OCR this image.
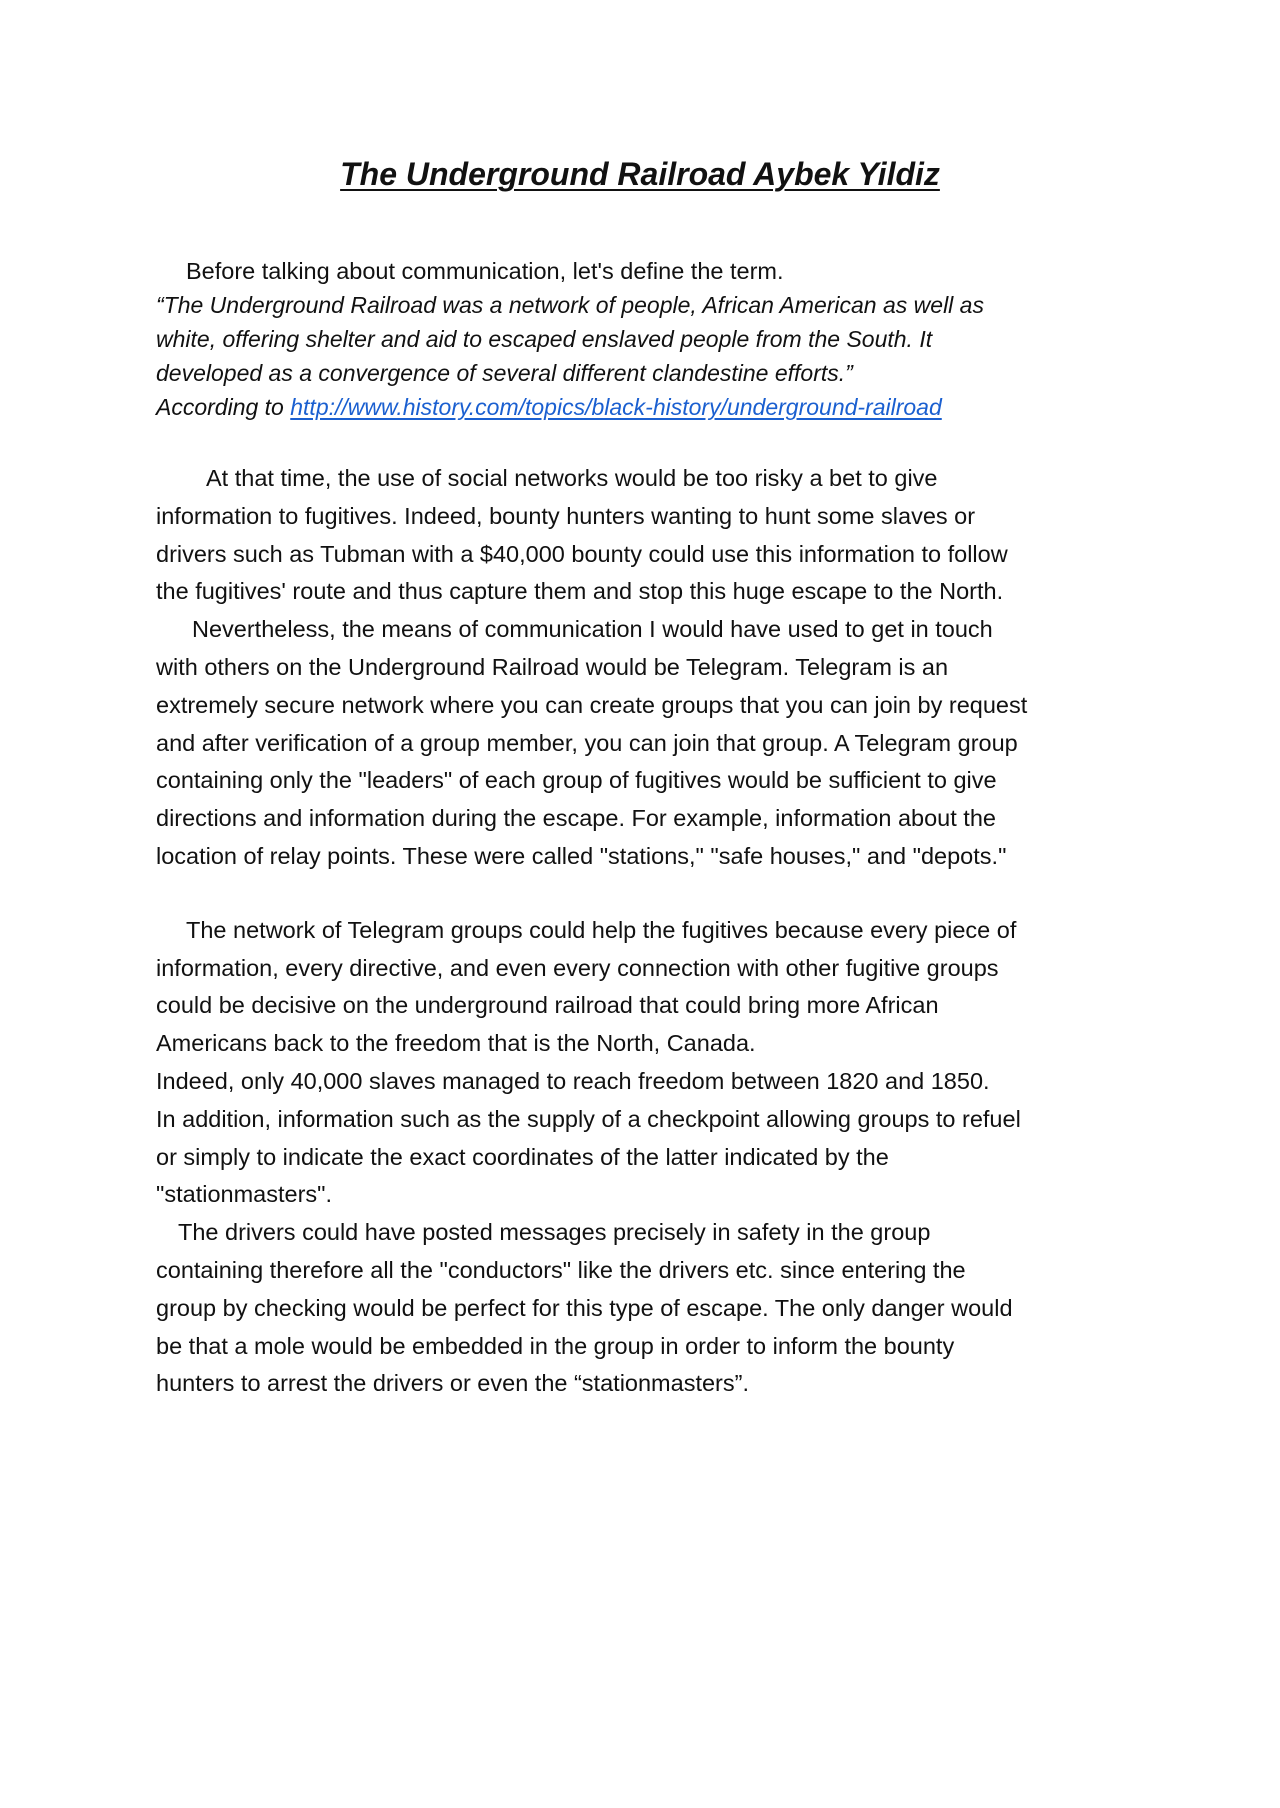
The Underground Railroad Aybek Yildiz
Before talking about communication, let's define the term.
“The Underground Railroad was a network of people, African American as well as
white, offering shelter and aid to escaped enslaved people from the South. It
developed as a convergence of several different clandestine efforts.”
According to http://www.history.com/topics/black-history/underground-railroad
At that time, the use of social networks would be too risky a bet to give
information to fugitives. Indeed, bounty hunters wanting to hunt some slaves or
drivers such as Tubman with a $40,000 bounty could use this information to follow
the fugitives' route and thus capture them and stop this huge escape to the North.
Nevertheless, the means of communication I would have used to get in touch
with others on the Underground Railroad would be Telegram. Telegram is an
extremely secure network where you can create groups that you can join by request
and after verification of a group member, you can join that group. A Telegram group
containing only the "leaders" of each group of fugitives would be sufficient to give
directions and information during the escape. For example, information about the
location of relay points. These were called "stations," "safe houses," and "depots."
The network of Telegram groups could help the fugitives because every piece of
information, every directive, and even every connection with other fugitive groups
could be decisive on the underground railroad that could bring more African
Americans back to the freedom that is the North, Canada.
Indeed, only 40,000 slaves managed to reach freedom between 1820 and 1850.
In addition, information such as the supply of a checkpoint allowing groups to refuel
or simply to indicate the exact coordinates of the latter indicated by the
"stationmasters".
The drivers could have posted messages precisely in safety in the group
containing therefore all the "conductors" like the drivers etc. since entering the
group by checking would be perfect for this type of escape. The only danger would
be that a mole would be embedded in the group in order to inform the bounty
hunters to arrest the drivers or even the “stationmasters”.
